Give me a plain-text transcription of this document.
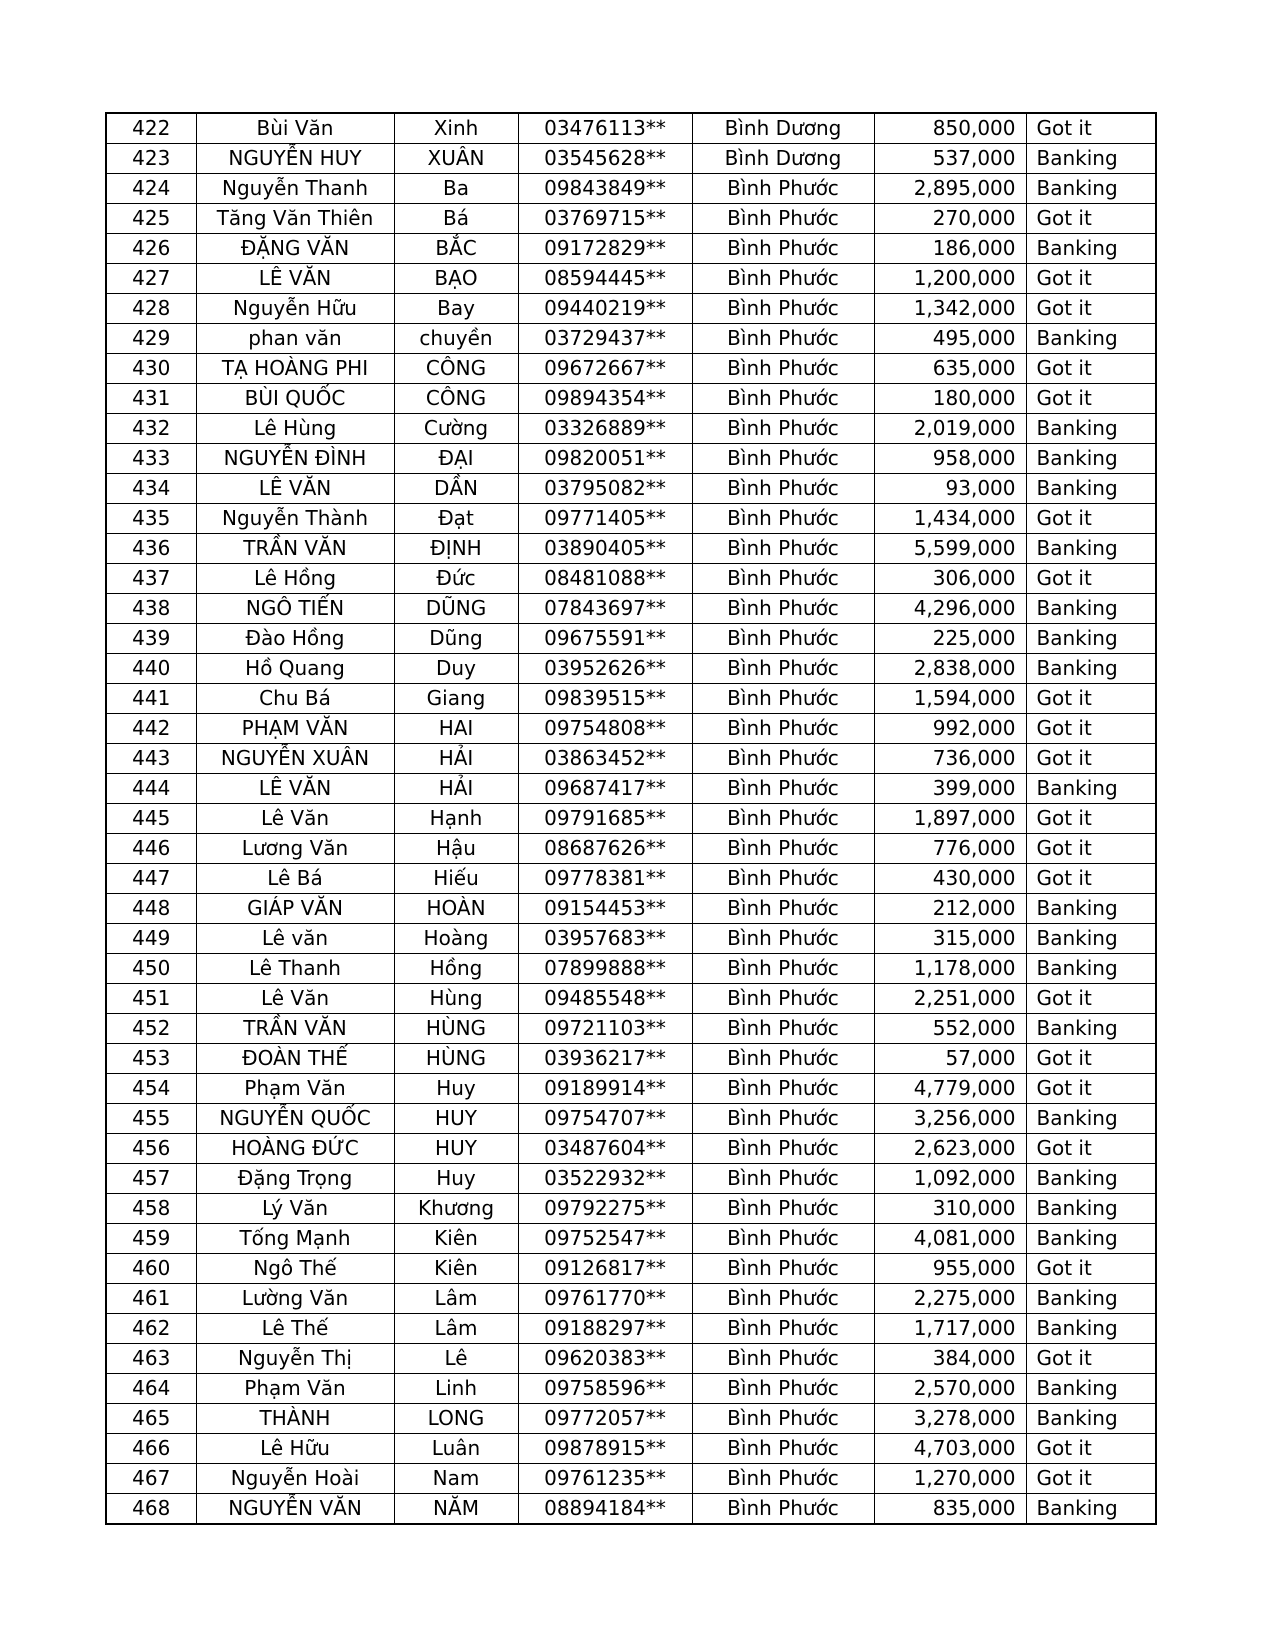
422	Bùi Văn	Xinh	03476113**	Bình Dương	850,000	Got it
423	NGUYỄN HUY	XUÂN	03545628**	Bình Dương	537,000	Banking
424	Nguyễn Thanh	Ba	09843849**	Bình Phước	2,895,000	Banking
425	Tăng Văn Thiên	Bá	03769715**	Bình Phước	270,000	Got it
426	ĐẶNG VĂN	BẮC	09172829**	Bình Phước	186,000	Banking
427	LÊ VĂN	BẠO	08594445**	Bình Phước	1,200,000	Got it
428	Nguyễn Hữu	Bay	09440219**	Bình Phước	1,342,000	Got it
429	phan văn	chuyền	03729437**	Bình Phước	495,000	Banking
430	TẠ HOÀNG PHI	CÔNG	09672667**	Bình Phước	635,000	Got it
431	BÙI QUỐC	CÔNG	09894354**	Bình Phước	180,000	Got it
432	Lê Hùng	Cường	03326889**	Bình Phước	2,019,000	Banking
433	NGUYỄN ĐÌNH	ĐẠI	09820051**	Bình Phước	958,000	Banking
434	LÊ VĂN	DẦN	03795082**	Bình Phước	93,000	Banking
435	Nguyễn Thành	Đạt	09771405**	Bình Phước	1,434,000	Got it
436	TRẦN VĂN	ĐỊNH	03890405**	Bình Phước	5,599,000	Banking
437	Lê Hồng	Đức	08481088**	Bình Phước	306,000	Got it
438	NGÔ TIẾN	DŨNG	07843697**	Bình Phước	4,296,000	Banking
439	Đào Hồng	Dũng	09675591**	Bình Phước	225,000	Banking
440	Hồ Quang	Duy	03952626**	Bình Phước	2,838,000	Banking
441	Chu Bá	Giang	09839515**	Bình Phước	1,594,000	Got it
442	PHẠM VĂN	HAI	09754808**	Bình Phước	992,000	Got it
443	NGUYỄN XUÂN	HẢI	03863452**	Bình Phước	736,000	Got it
444	LÊ VĂN	HẢI	09687417**	Bình Phước	399,000	Banking
445	Lê Văn	Hạnh	09791685**	Bình Phước	1,897,000	Got it
446	Lương Văn	Hậu	08687626**	Bình Phước	776,000	Got it
447	Lê Bá	Hiếu	09778381**	Bình Phước	430,000	Got it
448	GIÁP VĂN	HOÀN	09154453**	Bình Phước	212,000	Banking
449	Lê văn	Hoàng	03957683**	Bình Phước	315,000	Banking
450	Lê Thanh	Hồng	07899888**	Bình Phước	1,178,000	Banking
451	Lê Văn	Hùng	09485548**	Bình Phước	2,251,000	Got it
452	TRẦN VĂN	HÙNG	09721103**	Bình Phước	552,000	Banking
453	ĐOÀN THẾ	HÙNG	03936217**	Bình Phước	57,000	Got it
454	Phạm Văn	Huy	09189914**	Bình Phước	4,779,000	Got it
455	NGUYỄN QUỐC	HUY	09754707**	Bình Phước	3,256,000	Banking
456	HOÀNG ĐỨC	HUY	03487604**	Bình Phước	2,623,000	Got it
457	Đặng Trọng	Huy	03522932**	Bình Phước	1,092,000	Banking
458	Lý Văn	Khương	09792275**	Bình Phước	310,000	Banking
459	Tống Mạnh	Kiên	09752547**	Bình Phước	4,081,000	Banking
460	Ngô Thế	Kiên	09126817**	Bình Phước	955,000	Got it
461	Lường Văn	Lâm	09761770**	Bình Phước	2,275,000	Banking
462	Lê Thế	Lâm	09188297**	Bình Phước	1,717,000	Banking
463	Nguyễn Thị	Lê	09620383**	Bình Phước	384,000	Got it
464	Phạm Văn	Linh	09758596**	Bình Phước	2,570,000	Banking
465	THÀNH	LONG	09772057**	Bình Phước	3,278,000	Banking
466	Lê Hữu	Luân	09878915**	Bình Phước	4,703,000	Got it
467	Nguyễn Hoài	Nam	09761235**	Bình Phước	1,270,000	Got it
468	NGUYỄN VĂN	NĂM	08894184**	Bình Phước	835,000	Banking
